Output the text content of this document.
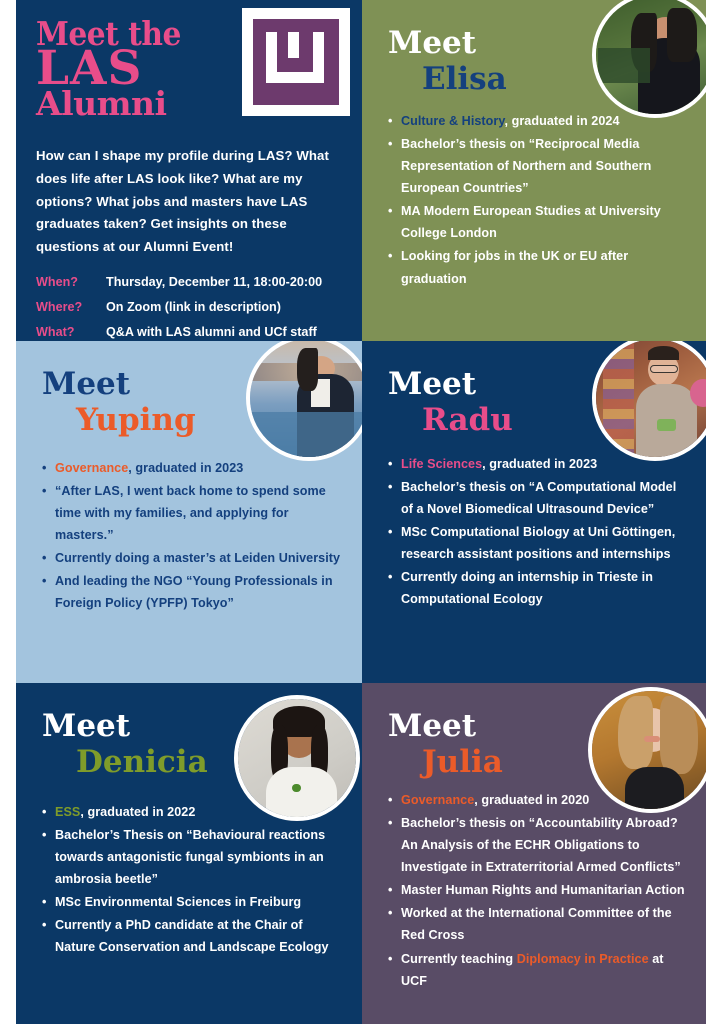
Meet the
LAS
Alumni
How can I shape my profile during LAS? What does life after LAS look like? What are my options? What jobs and masters have LAS graduates taken? Get insights on these questions at our Alumni Event!
When?	Thursday, December 11, 18:00-20:00
Where?	On Zoom (link in description)
What?	Q&A with LAS alumni and UCf staff
Meet
Elisa
• Culture & History, graduated in 2024
• Bachelor’s thesis on “Reciprocal Media Representation of Northern and Southern European Countries”
• MA Modern European Studies at University College London
• Looking for jobs in the UK or EU after graduation
Meet
Yuping
• Governance, graduated in 2023
• “After LAS, I went back home to spend some time with my families, and applying for masters.”
• Currently doing a master’s at Leiden University
• And leading the NGO “Young Professionals in Foreign Policy (YPFP) Tokyo”
Meet
Radu
• Life Sciences, graduated in 2023
• Bachelor’s thesis on “A Computational Model of a Novel Biomedical Ultrasound Device”
• MSc Computational Biology at Uni Göttingen, research assistant positions and internships
• Currently doing an internship in Trieste in Computational Ecology
Meet
Denicia
• ESS, graduated in 2022
• Bachelor’s Thesis on “Behavioural reactions towards antagonistic fungal symbionts in an ambrosia beetle”
• MSc Environmental Sciences in Freiburg
• Currently a PhD candidate at the Chair of Nature Conservation and Landscape Ecology
Meet
Julia
• Governance, graduated in 2020
• Bachelor’s thesis on “Accountability Abroad? An Analysis of the ECHR Obligations to Investigate in Extraterritorial Armed Conflicts”
• Master Human Rights and Humanitarian Action
• Worked at the International Committee of the Red Cross
• Currently teaching Diplomacy in Practice at UCF
